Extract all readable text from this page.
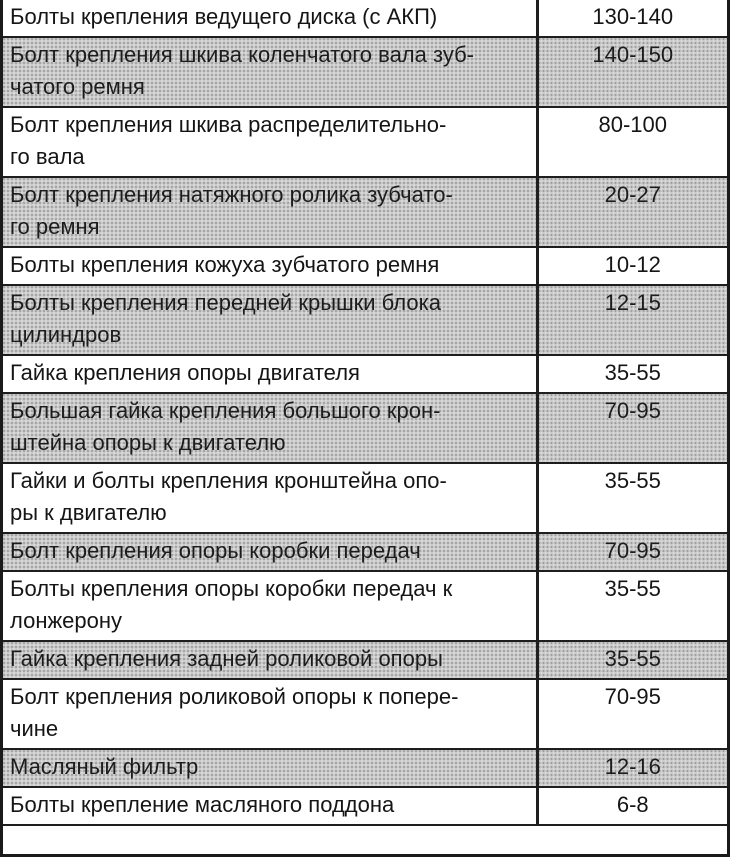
Болты крепления ведущего диска (с АКП)	130-140

Болт крепления шкива коленчатого вала зуб-
чатого ремня	140-150

Болт крепления шкива распределительно-
го вала	80-100

Болт крепления натяжного ролика зубчато-
го ремня	20-27

Болты крепления кожуха зубчатого ремня	10-12

Болты крепления передней крышки блока цилиндров	12-15

Гайка крепления опоры двигателя	35-55

Большая гайка крепления большого крон-
штейна опоры к двигателю	70-95

Гайки и болты крепления кронштейна опо-
ры к двигателю	35-55

Болт крепления опоры коробки передач	70-95

Болты крепления опоры коробки передач к лонжерону	35-55

Гайка крепления задней роликовой опоры	35-55

Болт крепления роликовой опоры к попере-
чине	70-95

Масляный фильтр	12-16

Болты крепление масляного поддона	6-8
